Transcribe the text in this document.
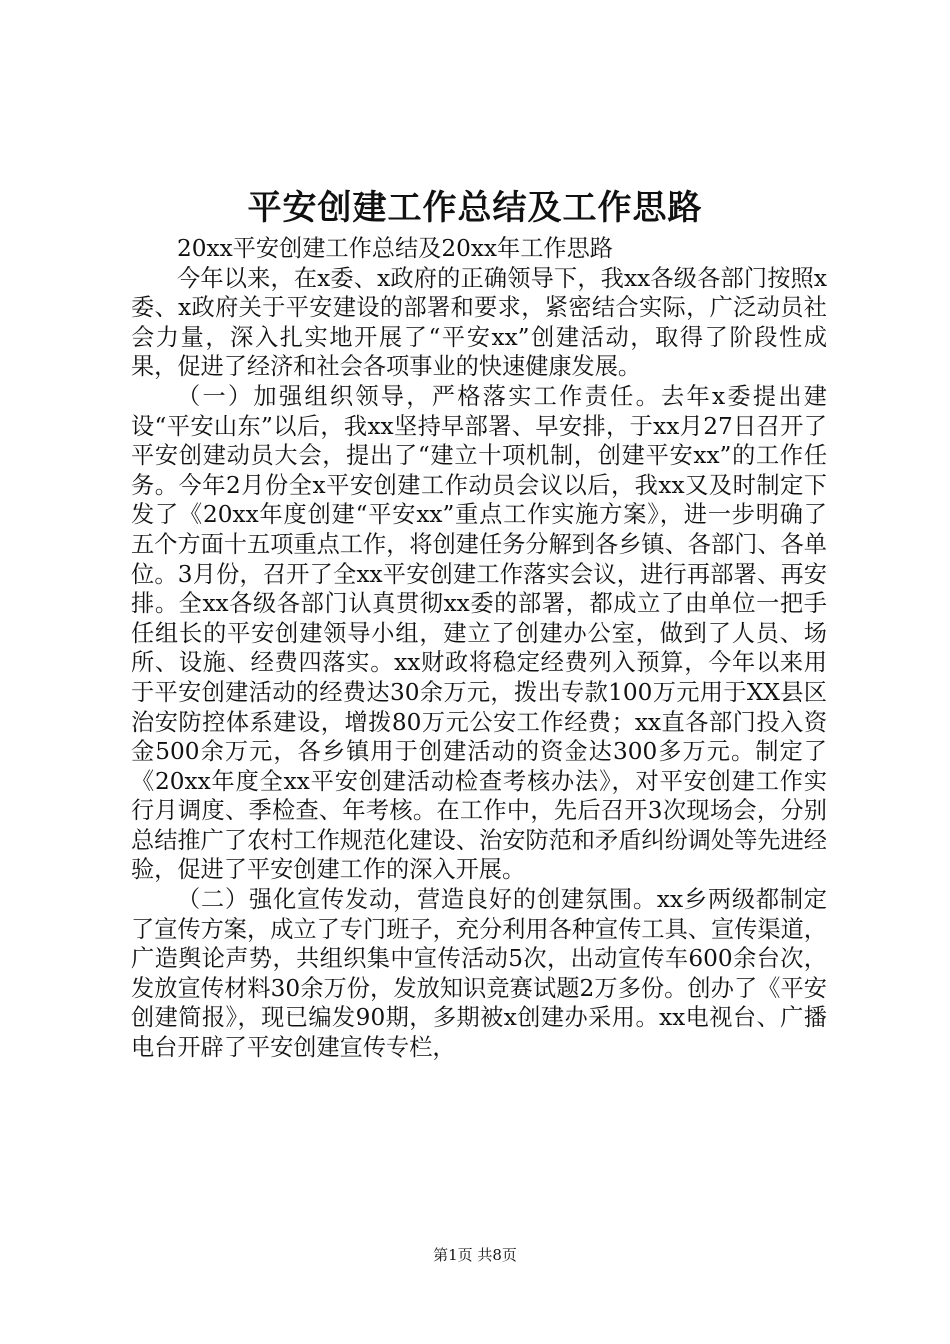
平安创建工作总结及工作思路

20xx平安创建工作总结及20xx年工作思路

今年以来，在x委、x政府的正确领导下，我xx各级各部门按照x委、x政府关于平安建设的部署和要求，紧密结合实际，广泛动员社会力量，深入扎实地开展了“平安xx”创建活动，取得了阶段性成果，促进了经济和社会各项事业的快速健康发展。

（一）加强组织领导，严格落实工作责任。去年x委提出建设“平安山东”以后，我xx坚持早部署、早安排，于xx月27日召开了平安创建动员大会，提出了“建立十项机制，创建平安xx”的工作任务。今年2月份全x平安创建工作动员会议以后，我xx又及时制定下发了《20xx年度创建“平安xx”重点工作实施方案》，进一步明确了五个方面十五项重点工作，将创建任务分解到各乡镇、各部门、各单位。3月份，召开了全xx平安创建工作落实会议，进行再部署、再安排。全xx各级各部门认真贯彻xx委的部署，都成立了由单位一把手任组长的平安创建领导小组，建立了创建办公室，做到了人员、场所、设施、经费四落实。xx财政将稳定经费列入预算，今年以来用于平安创建活动的经费达30余万元，拨出专款100万元用于XX县区治安防控体系建设，增拨80万元公安工作经费；xx直各部门投入资金500余万元，各乡镇用于创建活动的资金达300多万元。制定了《20xx年度全xx平安创建活动检查考核办法》，对平安创建工作实行月调度、季检查、年考核。在工作中，先后召开3次现场会，分别总结推广了农村工作规范化建设、治安防范和矛盾纠纷调处等先进经验，促进了平安创建工作的深入开展。

（二）强化宣传发动，营造良好的创建氛围。xx乡两级都制定了宣传方案，成立了专门班子，充分利用各种宣传工具、宣传渠道，广造舆论声势，共组织集中宣传活动5次，出动宣传车600余台次，发放宣传材料30余万份，发放知识竞赛试题2万多份。创办了《平安创建简报》，现已编发90期，多期被x创建办采用。xx电视台、广播电台开辟了平安创建宣传专栏，

第1页 共8页
